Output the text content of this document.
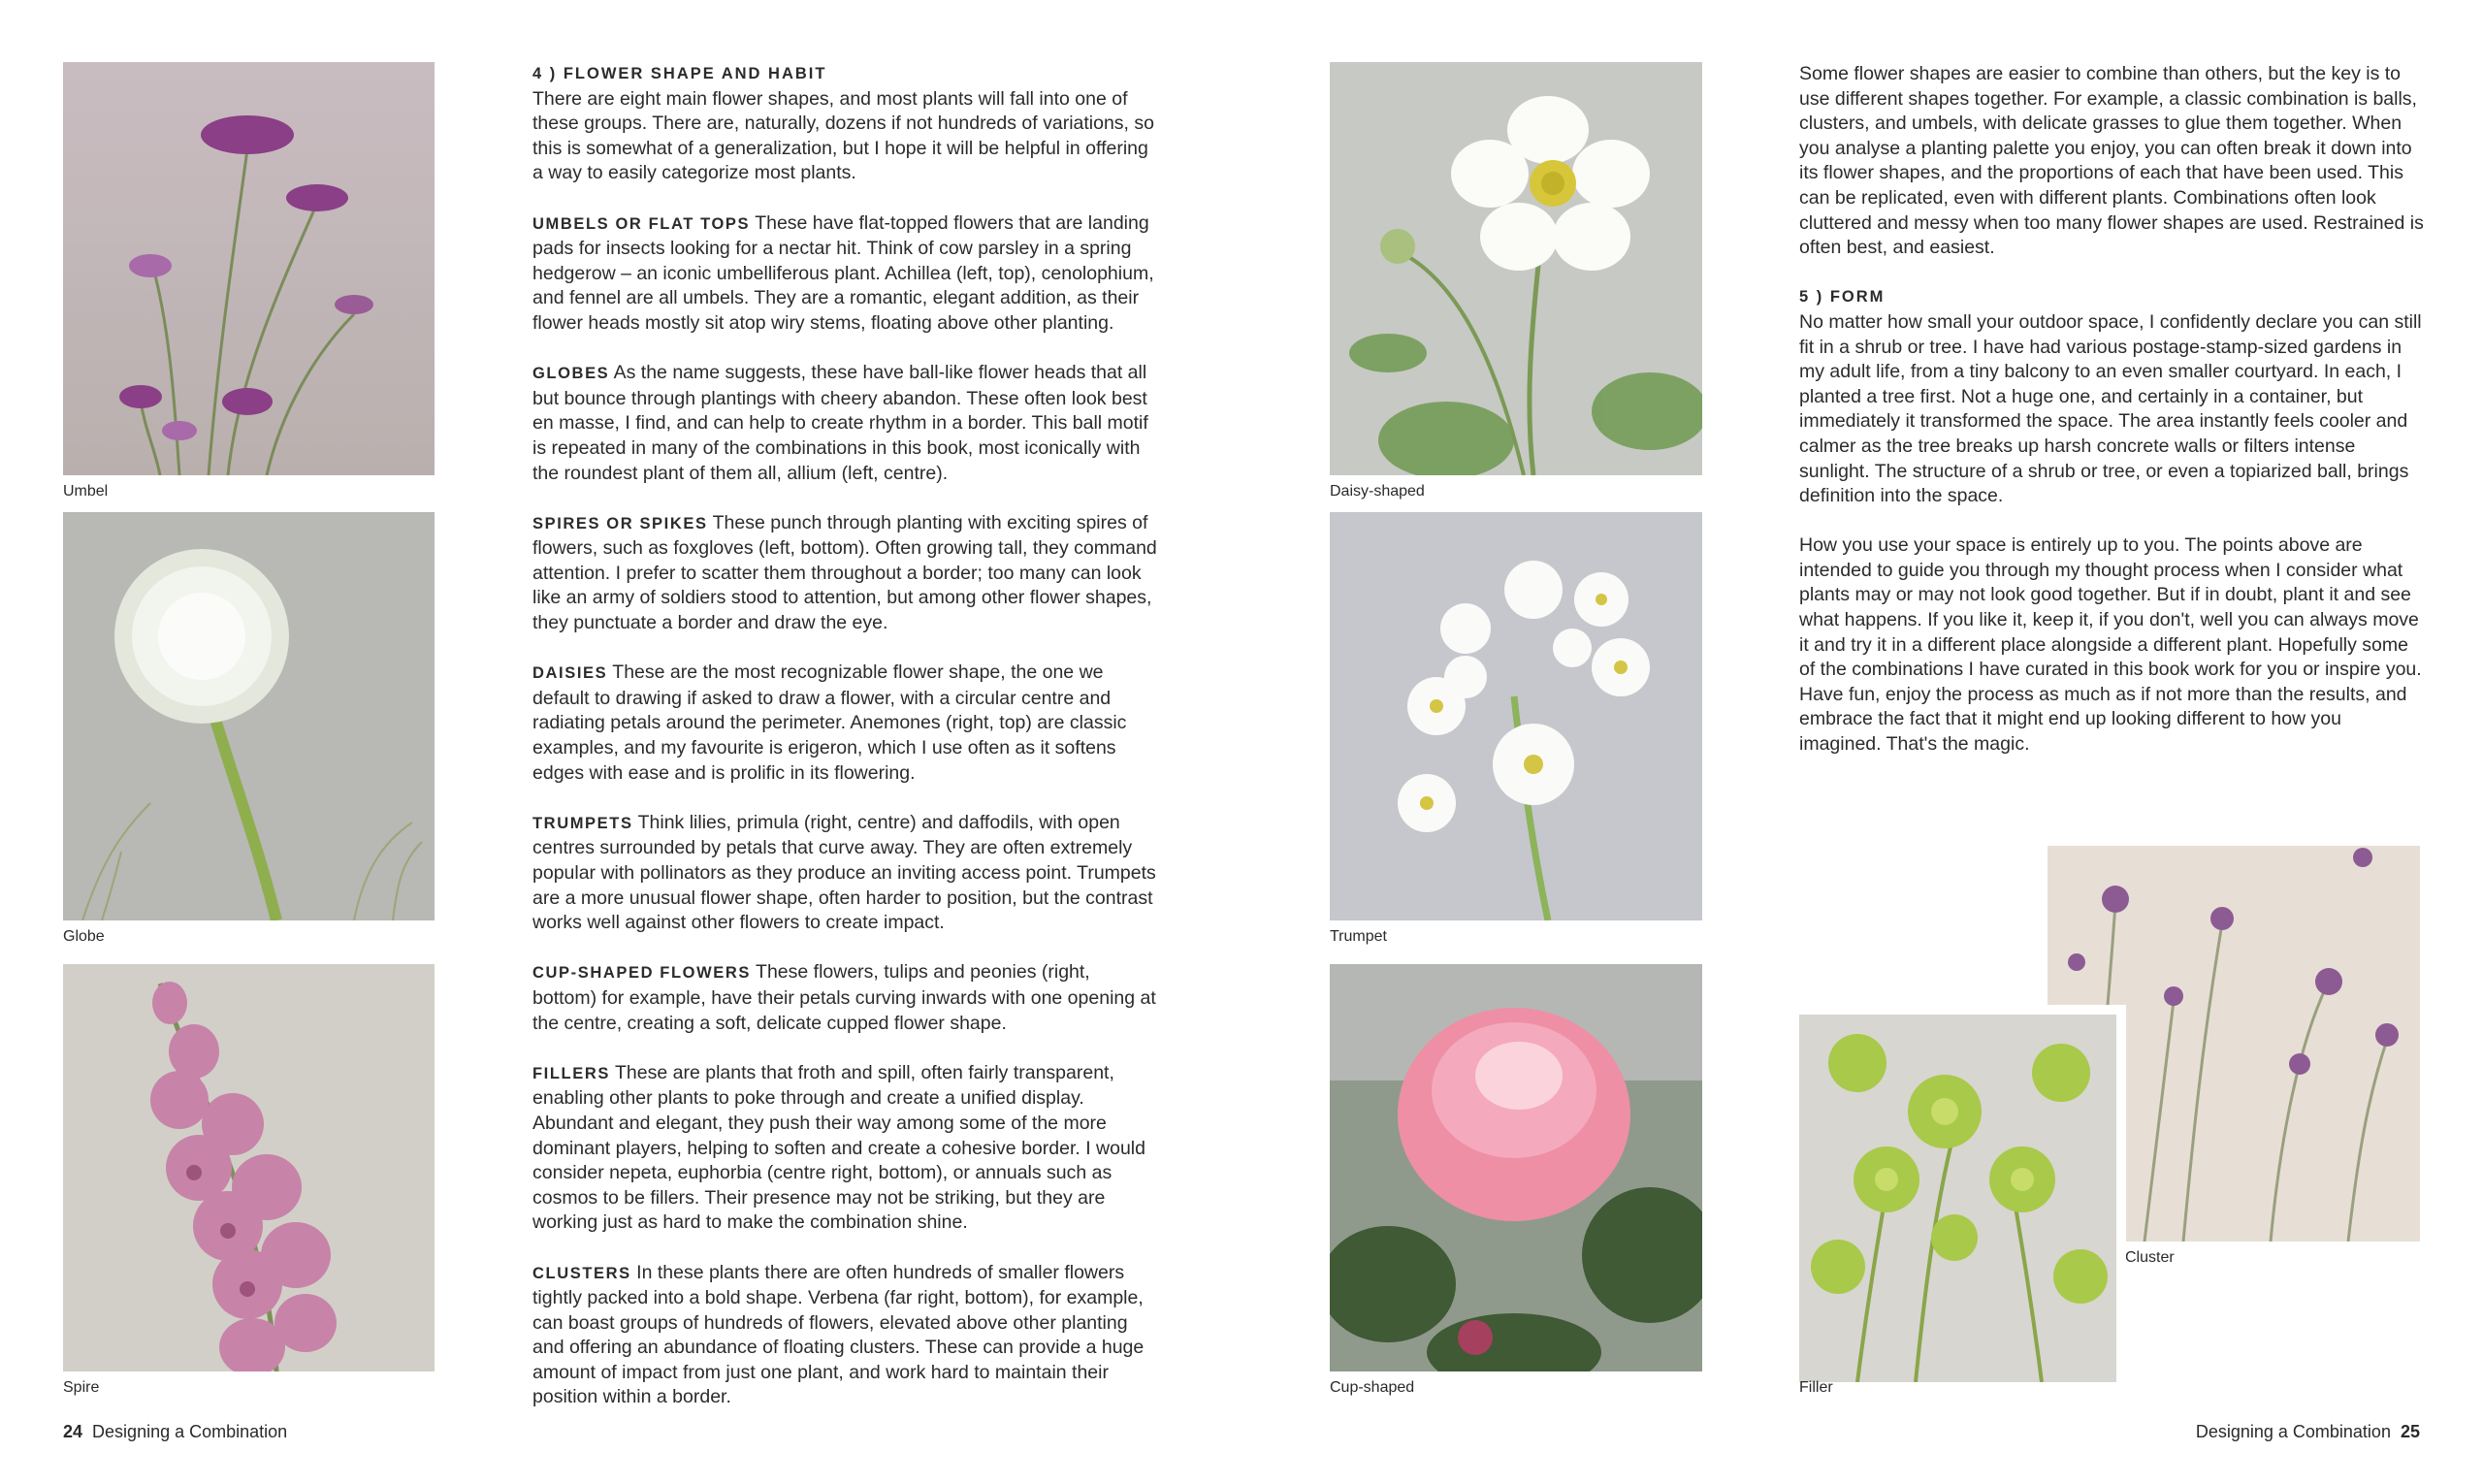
Umbel
Globe
Spire

4 ) FLOWER SHAPE AND HABIT
There are eight main flower shapes, and most plants will fall into one of these groups. There are, naturally, dozens if not hundreds of variations, so this is somewhat of a generalization, but I hope it will be helpful in offering a way to easily categorize most plants.

UMBELS OR FLAT TOPS These have flat-topped flowers that are landing pads for insects looking for a nectar hit. Think of cow parsley in a spring hedgerow – an iconic umbelliferous plant. Achillea (left, top), cenolophium, and fennel are all umbels. They are a romantic, elegant addition, as their flower heads mostly sit atop wiry stems, floating above other planting.

GLOBES As the name suggests, these have ball-like flower heads that all but bounce through plantings with cheery abandon. These often look best en masse, I find, and can help to create rhythm in a border. This ball motif is repeated in many of the combinations in this book, most iconically with the roundest plant of them all, allium (left, centre).

SPIRES OR SPIKES These punch through planting with exciting spires of flowers, such as foxgloves (left, bottom). Often growing tall, they command attention. I prefer to scatter them throughout a border; too many can look like an army of soldiers stood to attention, but among other flower shapes, they punctuate a border and draw the eye.

DAISIES These are the most recognizable flower shape, the one we default to drawing if asked to draw a flower, with a circular centre and radiating petals around the perimeter. Anemones (right, top) are classic examples, and my favourite is erigeron, which I use often as it softens edges with ease and is prolific in its flowering.

TRUMPETS Think lilies, primula (right, centre) and daffodils, with open centres surrounded by petals that curve away. They are often extremely popular with pollinators as they produce an inviting access point. Trumpets are a more unusual flower shape, often harder to position, but the contrast works well against other flowers to create impact.

CUP-SHAPED FLOWERS These flowers, tulips and peonies (right, bottom) for example, have their petals curving inwards with one opening at the centre, creating a soft, delicate cupped flower shape.

FILLERS These are plants that froth and spill, often fairly transparent, enabling other plants to poke through and create a unified display. Abundant and elegant, they push their way among some of the more dominant players, helping to soften and create a cohesive border. I would consider nepeta, euphorbia (centre right, bottom), or annuals such as cosmos to be fillers. Their presence may not be striking, but they are working just as hard to make the combination shine.

CLUSTERS In these plants there are often hundreds of smaller flowers tightly packed into a bold shape. Verbena (far right, bottom), for example, can boast groups of hundreds of flowers, elevated above other planting and offering an abundance of floating clusters. These can provide a huge amount of impact from just one plant, and work hard to maintain their position within a border.

24 Designing a Combination
Daisy-shaped
Trumpet
Cup-shaped
Cluster
Filler

Some flower shapes are easier to combine than others, but the key is to use different shapes together. For example, a classic combination is balls, clusters, and umbels, with delicate grasses to glue them together. When you analyse a planting palette you enjoy, you can often break it down into its flower shapes, and the proportions of each that have been used. This can be replicated, even with different plants. Combinations often look cluttered and messy when too many flower shapes are used. Restrained is often best, and easiest.

5 ) FORM
No matter how small your outdoor space, I confidently declare you can still fit in a shrub or tree. I have had various postage-stamp-sized gardens in my adult life, from a tiny balcony to an even smaller courtyard. In each, I planted a tree first. Not a huge one, and certainly in a container, but immediately it transformed the space. The area instantly feels cooler and calmer as the tree breaks up harsh concrete walls or filters intense sunlight. The structure of a shrub or tree, or even a topiarized ball, brings definition into the space.

How you use your space is entirely up to you. The points above are intended to guide you through my thought process when I consider what plants may or may not look good together. But if in doubt, plant it and see what happens. If you like it, keep it, if you don't, well you can always move it and try it in a different place alongside a different plant. Hopefully some of the combinations I have curated in this book work for you or inspire you. Have fun, enjoy the process as much as if not more than the results, and embrace the fact that it might end up looking different to how you imagined. That's the magic.

Designing a Combination 25
